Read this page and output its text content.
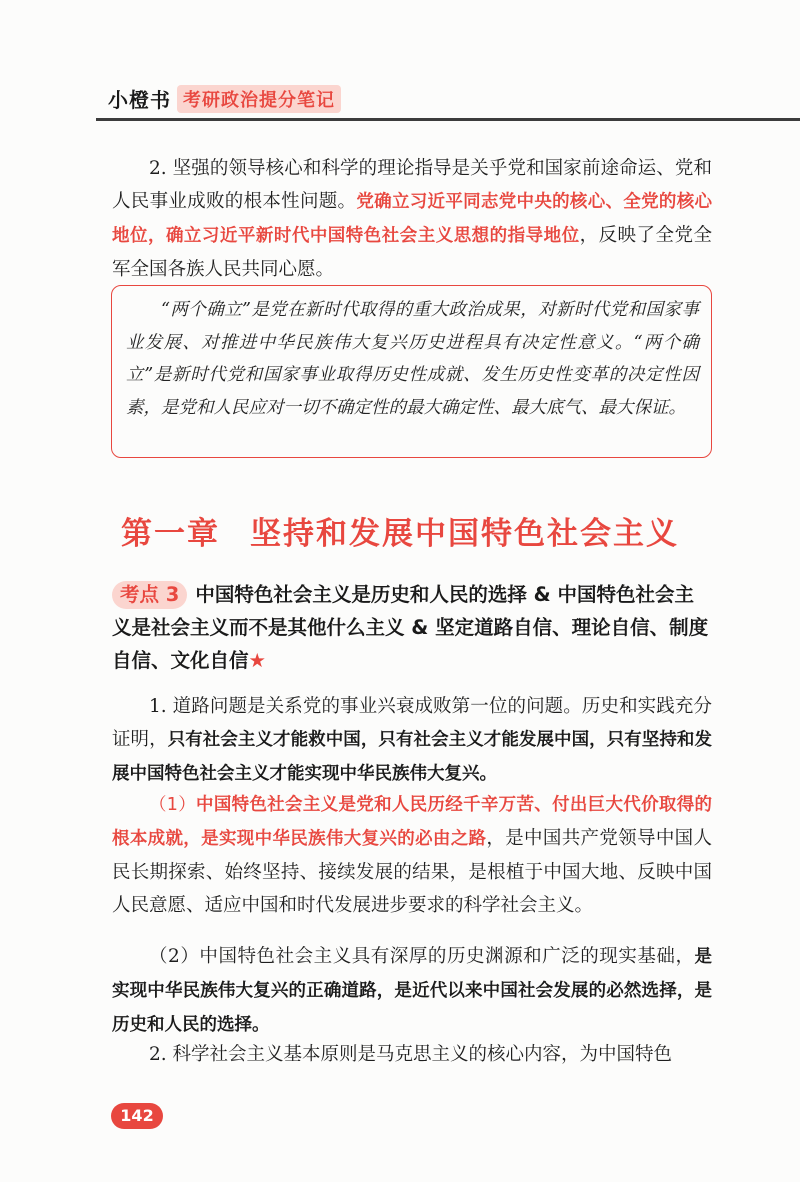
小橙书 考研政治提分笔记
2. 坚强的领导核心和科学的理论指导是关乎党和国家前途命运、党和人民事业成败的根本性问题。党确立习近平同志党中央的核心、全党的核心地位，确立习近平新时代中国特色社会主义思想的指导地位，反映了全党全军全国各族人民共同心愿。

“两个确立”是党在新时代取得的重大政治成果，对新时代党和国家事业发展、对推进中华民族伟大复兴历史进程具有决定性意义。“两个确立”是新时代党和国家事业取得历史性成就、发生历史性变革的决定性因素，是党和人民应对一切不确定性的最大确定性、最大底气、最大保证。

第一章 坚持和发展中国特色社会主义
考点 3 中国特色社会主义是历史和人民的选择 & 中国特色社会主义是社会主义而不是其他什么主义 & 坚定道路自信、理论自信、制度自信、文化自信★
1. 道路问题是关系党的事业兴衰成败第一位的问题。历史和实践充分证明，只有社会主义才能救中国，只有社会主义才能发展中国，只有坚持和发展中国特色社会主义才能实现中华民族伟大复兴。
（1）中国特色社会主义是党和人民历经千辛万苦、付出巨大代价取得的根本成就，是实现中华民族伟大复兴的必由之路，是中国共产党领导中国人民长期探索、始终坚持、接续发展的结果，是根植于中国大地、反映中国人民意愿、适应中国和时代发展进步要求的科学社会主义。
（2）中国特色社会主义具有深厚的历史渊源和广泛的现实基础，是实现中华民族伟大复兴的正确道路，是近代以来中国社会发展的必然选择，是历史和人民的选择。
2. 科学社会主义基本原则是马克思主义的核心内容，为中国特色
142
